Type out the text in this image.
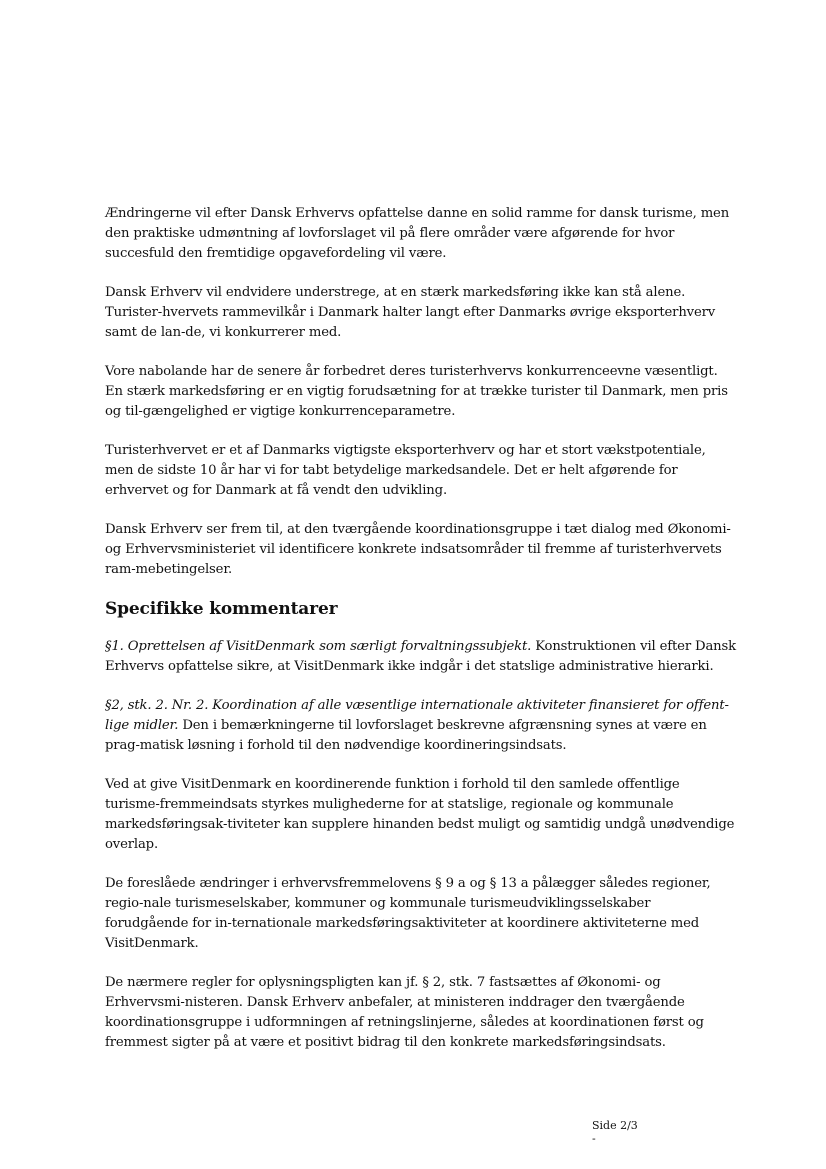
Ændringerne vil efter Dansk Erhvervs opfattelse danne en solid ramme for dansk turisme, men den praktiske udmøntning af lovforslaget vil på flere områder være afgørende for hvor succesfuld den fremtidige opgavefordeling vil være.

Dansk Erhverv vil endvidere understrege, at en stærk markedsføring ikke kan stå alene. Turister-hvervets rammevilkår i Danmark halter langt efter Danmarks øvrige eksporterhverv samt de lan-de, vi konkurrerer med.

Vore nabolande har de senere år forbedret deres turisterhvervs konkurrenceevne væsentligt. En stærk markedsføring er en vigtig forudsætning for at trække turister til Danmark, men pris og til-gængelighed er vigtige konkurrenceparametre.

Turisterhvervet er et af Danmarks vigtigste eksporterhverv og har et stort vækstpotentiale, men de sidste 10 år har vi for tabt betydelige markedsandele. Det er helt afgørende for erhvervet og for Danmark at få vendt den udvikling.

Dansk Erhverv ser frem til, at den tværgående koordinationsgruppe i tæt dialog med Økonomi- og Erhvervsministeriet vil identificere konkrete indsatsområder til fremme af turisterhvervets ram-mebetingelser.

Specifikke kommentarer

§1. Oprettelsen af VisitDenmark som særligt forvaltningssubjekt. Konstruktionen vil efter Dansk Erhvervs opfattelse sikre, at VisitDenmark ikke indgår i det statslige administrative hierarki.

§2, stk. 2. Nr. 2. Koordination af alle væsentlige internationale aktiviteter finansieret for offent-lige midler. Den i bemærkningerne til lovforslaget beskrevne afgrænsning synes at være en prag-matisk løsning i forhold til den nødvendige koordineringsindsats.

Ved at give VisitDenmark en koordinerende funktion i forhold til den samlede offentlige turisme-fremmeindsats styrkes mulighederne for at statslige, regionale og kommunale markedsføringsak-tiviteter kan supplere hinanden bedst muligt og samtidig undgå unødvendige overlap.

De foreslåede ændringer i erhvervsfremmelovens § 9 a og § 13 a pålægger således regioner, regio-nale turismeselskaber, kommuner og kommunale turismeudviklingsselskaber forudgående for in-ternationale markedsføringsaktiviteter at koordinere aktiviteterne med VisitDenmark.

De nærmere regler for oplysningspligten kan jf. § 2, stk. 7 fastsættes af Økonomi- og Erhvervsmi-nisteren. Dansk Erhverv anbefaler, at ministeren inddrager den tværgående koordinationsgruppe i udformningen af retningslinjerne, således at koordinationen først og fremmest sigter på at være et positivt bidrag til den konkrete markedsføringsindsats.

Side 2/3
-
